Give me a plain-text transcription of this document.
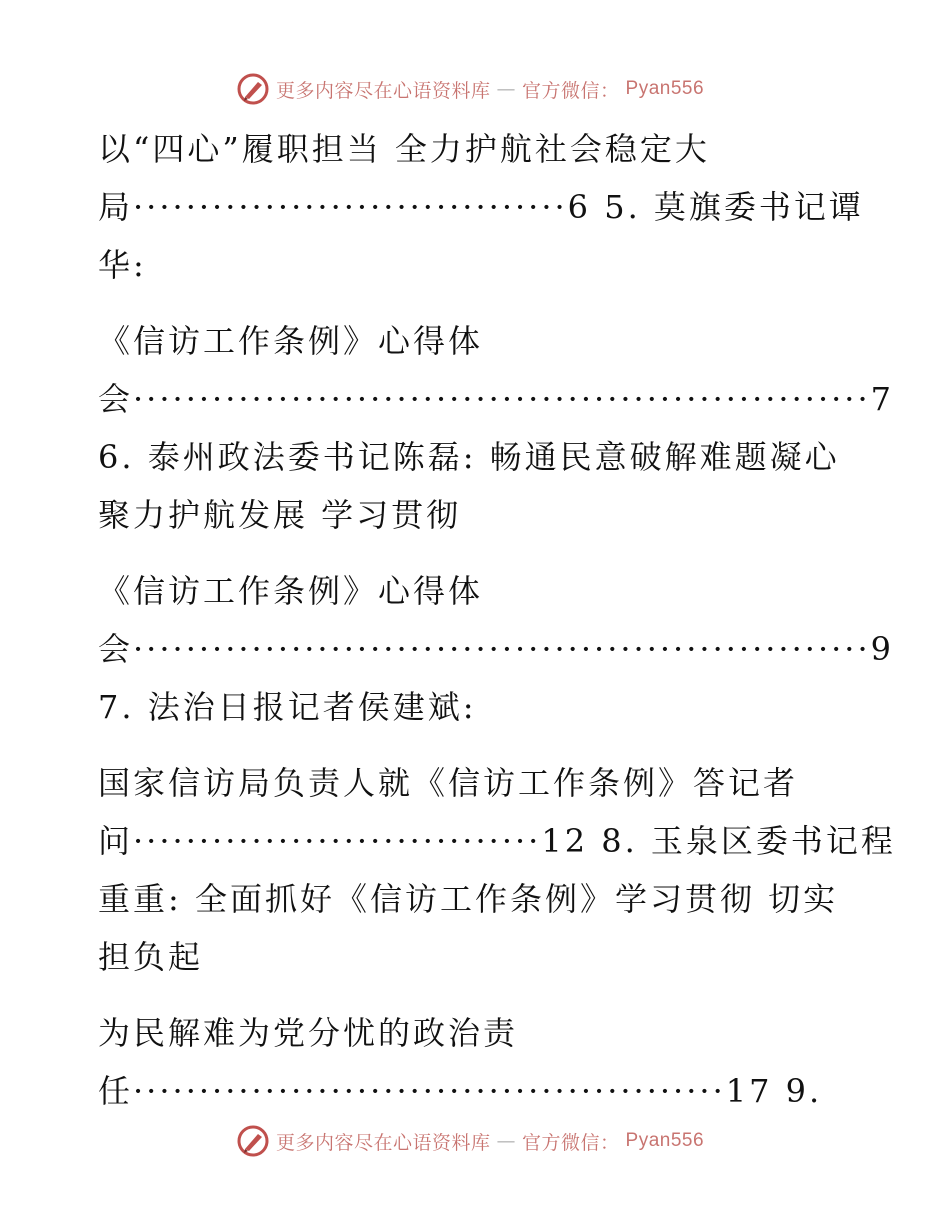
更多内容尽在心语资料库 — 官方微信： Pyan556
以“四心”履职担当 全力护航社会稳定大
局·································6 5. 莫旗委书记谭
华:
《信访工作条例》心得体
会························································7
6. 泰州政法委书记陈磊: 畅通民意破解难题凝心
聚力护航发展 学习贯彻
《信访工作条例》心得体
会························································9
7. 法治日报记者侯建斌:
国家信访局负责人就《信访工作条例》答记者
问·······························12 8. 玉泉区委书记程
重重: 全面抓好《信访工作条例》学习贯彻 切实
担负起
为民解难为党分忧的政治责
任·············································17 9.
更多内容尽在心语资料库 — 官方微信： Pyan556
